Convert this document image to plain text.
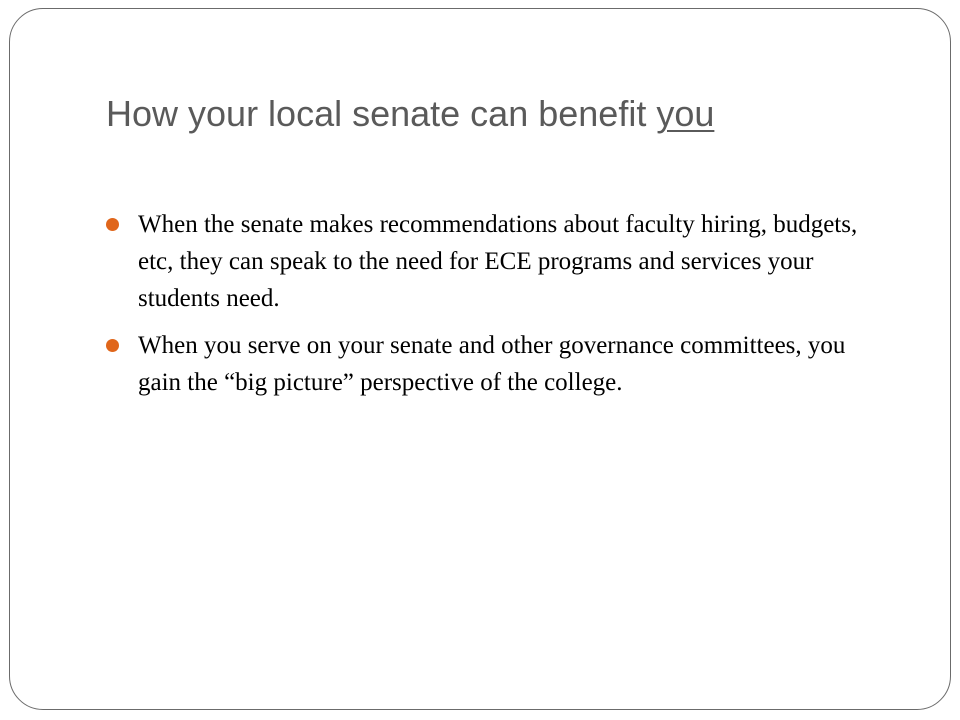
How your local senate can benefit you
When the senate makes recommendations about faculty hiring, budgets, etc, they can speak to the need for ECE programs and services your students need.
When you serve on your senate and other governance committees, you gain the “big picture” perspective of the college.
